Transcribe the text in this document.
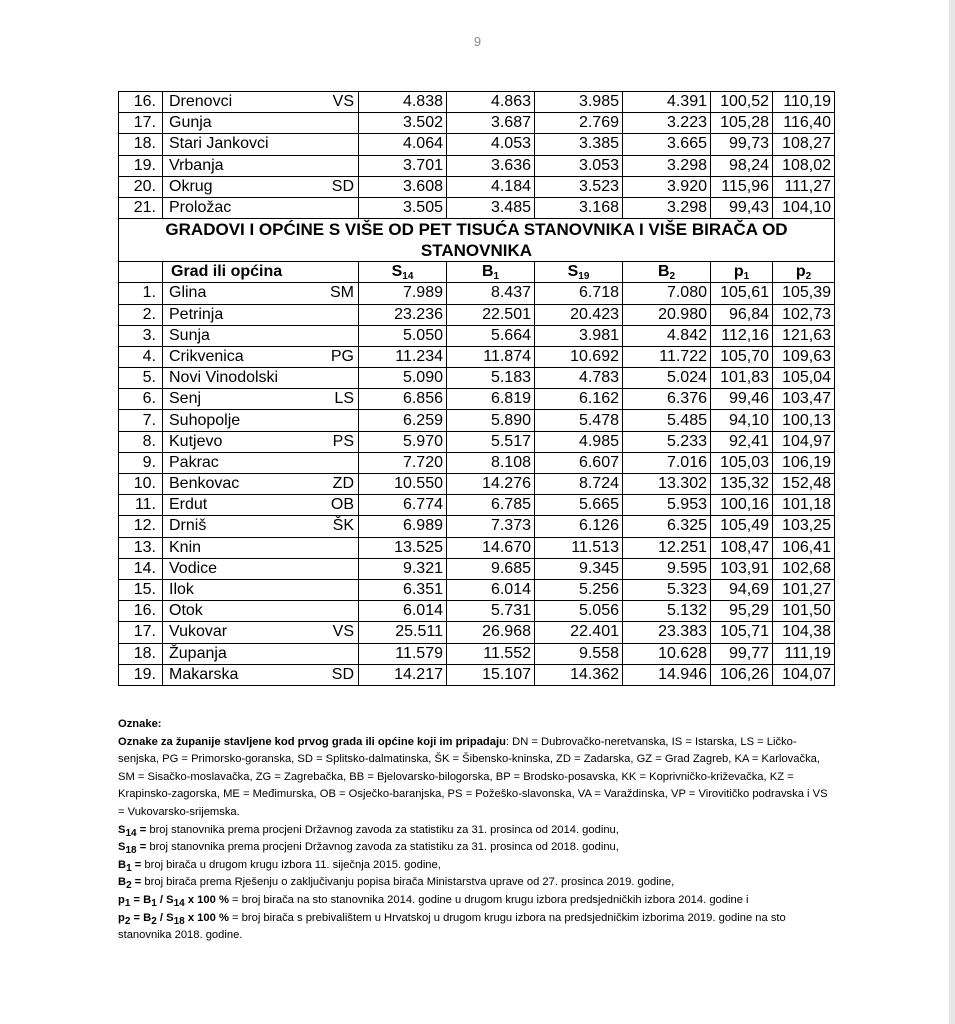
9
16.	Drenovci	VS	4.838	4.863	3.985	4.391	100,52	110,19
17.	Gunja		3.502	3.687	2.769	3.223	105,28	116,40
18.	Stari Jankovci		4.064	4.053	3.385	3.665	99,73	108,27
19.	Vrbanja		3.701	3.636	3.053	3.298	98,24	108,02
20.	Okrug	SD	3.608	4.184	3.523	3.920	115,96	111,27
21.	Proložac		3.505	3.485	3.168	3.298	99,43	104,10
GRADOVI I OPĆINE S VIŠE OD PET TISUĆA STANOVNIKA I VIŠE BIRAČA OD STANOVNIKA								
	Grad ili općina		$S_{14}$	$B_1$	$S_{19}$	$B_2$	$p_1$	$p_2$
1.	Glina	SM	7.989	8.437	6.718	7.080	105,61	105,39
2.	Petrinja		23.236	22.501	20.423	20.980	96,84	102,73
3.	Sunja		5.050	5.664	3.981	4.842	112,16	121,63
4.	Crikvenica	PG	11.234	11.874	10.692	11.722	105,70	109,63
5.	Novi Vinodolski		5.090	5.183	4.783	5.024	101,83	105,04
6.	Senj	LS	6.856	6.819	6.162	6.376	99,46	103,47
7.	Suhopolje		6.259	5.890	5.478	5.485	94,10	100,13
8.	Kutjevo	PS	5.970	5.517	4.985	5.233	92,41	104,97
9.	Pakrac		7.720	8.108	6.607	7.016	105,03	106,19
10.	Benkovac	ZD	10.550	14.276	8.724	13.302	135,32	152,48
11.	Erdut	OB	6.774	6.785	5.665	5.953	100,16	101,18
12.	Drniš	ŠK	6.989	7.373	6.126	6.325	105,49	103,25
13.	Knin		13.525	14.670	11.513	12.251	108,47	106,41
14.	Vodice		9.321	9.685	9.345	9.595	103,91	102,68
15.	Ilok		6.351	6.014	5.256	5.323	94,69	101,27
16.	Otok		6.014	5.731	5.056	5.132	95,29	101,50
17.	Vukovar	VS	25.511	26.968	22.401	23.383	105,71	104,38
18.	Županja		11.579	11.552	9.558	10.628	99,77	111,19
19.	Makarska	SD	14.217	15.107	14.362	14.946	106,26	104,07

Oznake:

Oznake za županije stavljene kod prvog grada ili općine koji im pripadaju: DN = Dubrovačko-neretvanska, IS = Istarska, LS = Ličko-senjska, PG = Primorsko-goranska, SD = Splitsko-dalmatinska, ŠK = Šibensko-kninska, ZD = Zadarska, GZ = Grad Zagreb, KA = Karlovačka, SM = Sisačko-moslavačka, ZG = Zagrebačka, BB = Bjelovarsko-bilogorska, BP = Brodsko-posavska, KK = Koprivničko-križevačka, KZ = Krapinsko-zagorska, ME = Međimurska, OB = Osječko-baranjska, PS = Požeško-slavonska, VA = Varaždinska, VP = Virovitičko podravska i VS = Vukovarsko-srijemska.

$S_{14}$ = broj stanovnika prema procjeni Državnog zavoda za statistiku za 31. prosinca od 2014. godinu,

$S_{18}$ = broj stanovnika prema procjeni Državnog zavoda za statistiku za 31. prosinca od 2018. godinu,

$B_1$ = broj birača u drugom krugu izbora 11. siječnja 2015. godine,

$B_2$ = broj birača prema Rješenju o zaključivanju popisa birača Ministarstva uprave od 27. prosinca 2019. godine,

$p_1 = B_1 / S_{14}$ x 100 % = broj birača na sto stanovnika 2014. godine u drugom krugu izbora predsjedničkih izbora 2014. godine i

$p_2 = B_2 / S_{18}$ x 100 % = broj birača s prebivalištem u Hrvatskoj u drugom krugu izbora na predsjedničkim izborima 2019. godine na sto stanovnika 2018. godine.
